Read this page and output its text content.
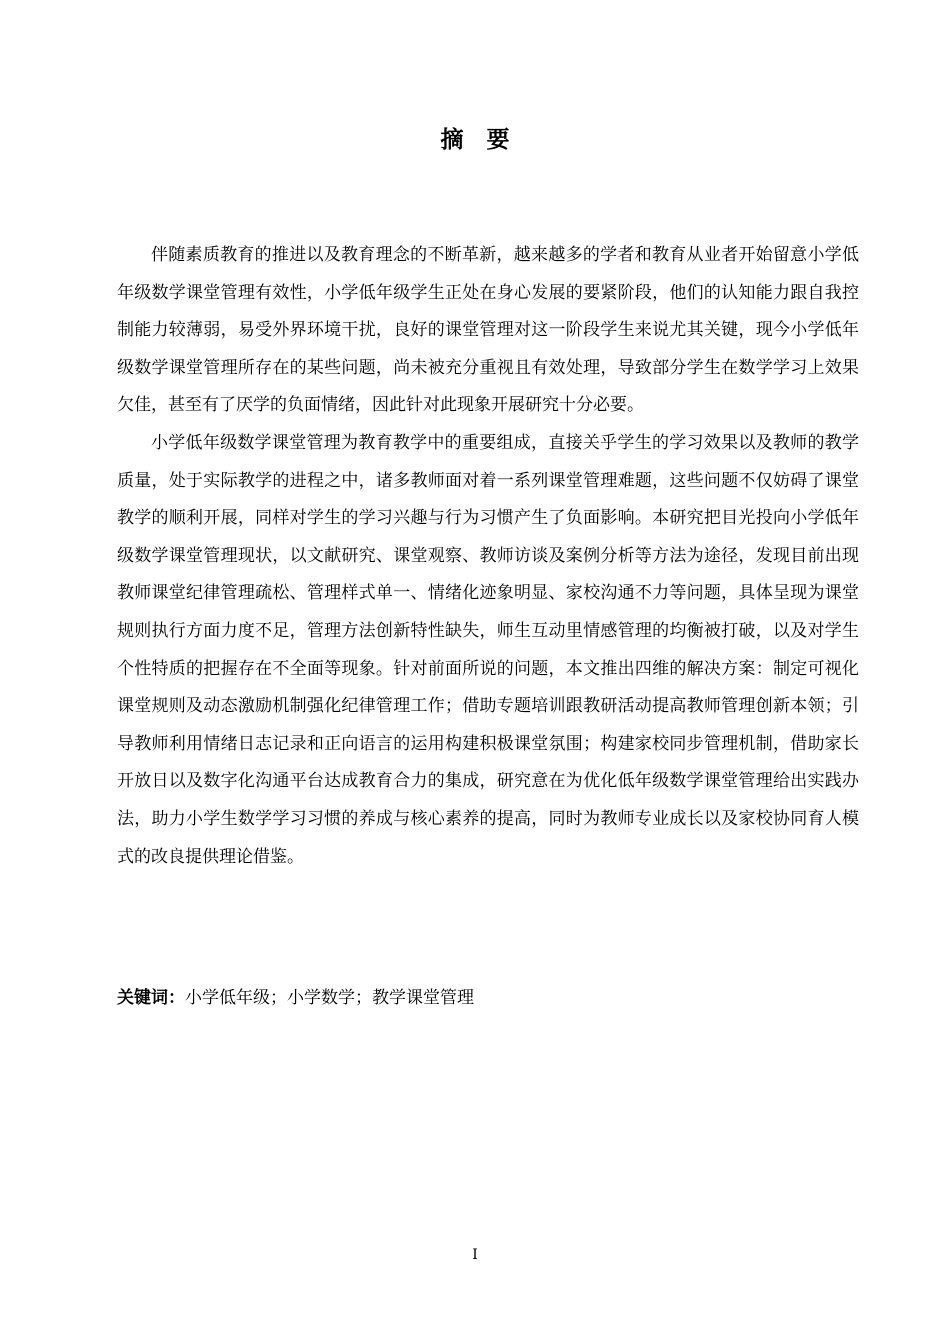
摘　要

伴随素质教育的推进以及教育理念的不断革新，越来越多的学者和教育从业者开始留意小学低年级数学课堂管理有效性，小学低年级学生正处在身心发展的要紧阶段，他们的认知能力跟自我控制能力较薄弱，易受外界环境干扰，良好的课堂管理对这一阶段学生来说尤其关键，现今小学低年级数学课堂管理所存在的某些问题，尚未被充分重视且有效处理，导致部分学生在数学学习上效果欠佳，甚至有了厌学的负面情绪，因此针对此现象开展研究十分必要。

小学低年级数学课堂管理为教育教学中的重要组成，直接关乎学生的学习效果以及教师的教学质量，处于实际教学的进程之中，诸多教师面对着一系列课堂管理难题，这些问题不仅妨碍了课堂教学的顺利开展，同样对学生的学习兴趣与行为习惯产生了负面影响。本研究把目光投向小学低年级数学课堂管理现状，以文献研究、课堂观察、教师访谈及案例分析等方法为途径，发现目前出现教师课堂纪律管理疏松、管理样式单一、情绪化迹象明显、家校沟通不力等问题，具体呈现为课堂规则执行方面力度不足，管理方法创新特性缺失，师生互动里情感管理的均衡被打破，以及对学生个性特质的把握存在不全面等现象。针对前面所说的问题，本文推出四维的解决方案：制定可视化课堂规则及动态激励机制强化纪律管理工作；借助专题培训跟教研活动提高教师管理创新本领；引导教师利用情绪日志记录和正向语言的运用构建积极课堂氛围；构建家校同步管理机制，借助家长开放日以及数字化沟通平台达成教育合力的集成，研究意在为优化低年级数学课堂管理给出实践办法，助力小学生数学学习习惯的养成与核心素养的提高，同时为教师专业成长以及家校协同育人模式的改良提供理论借鉴。

关键词：小学低年级；小学数学；教学课堂管理

I
